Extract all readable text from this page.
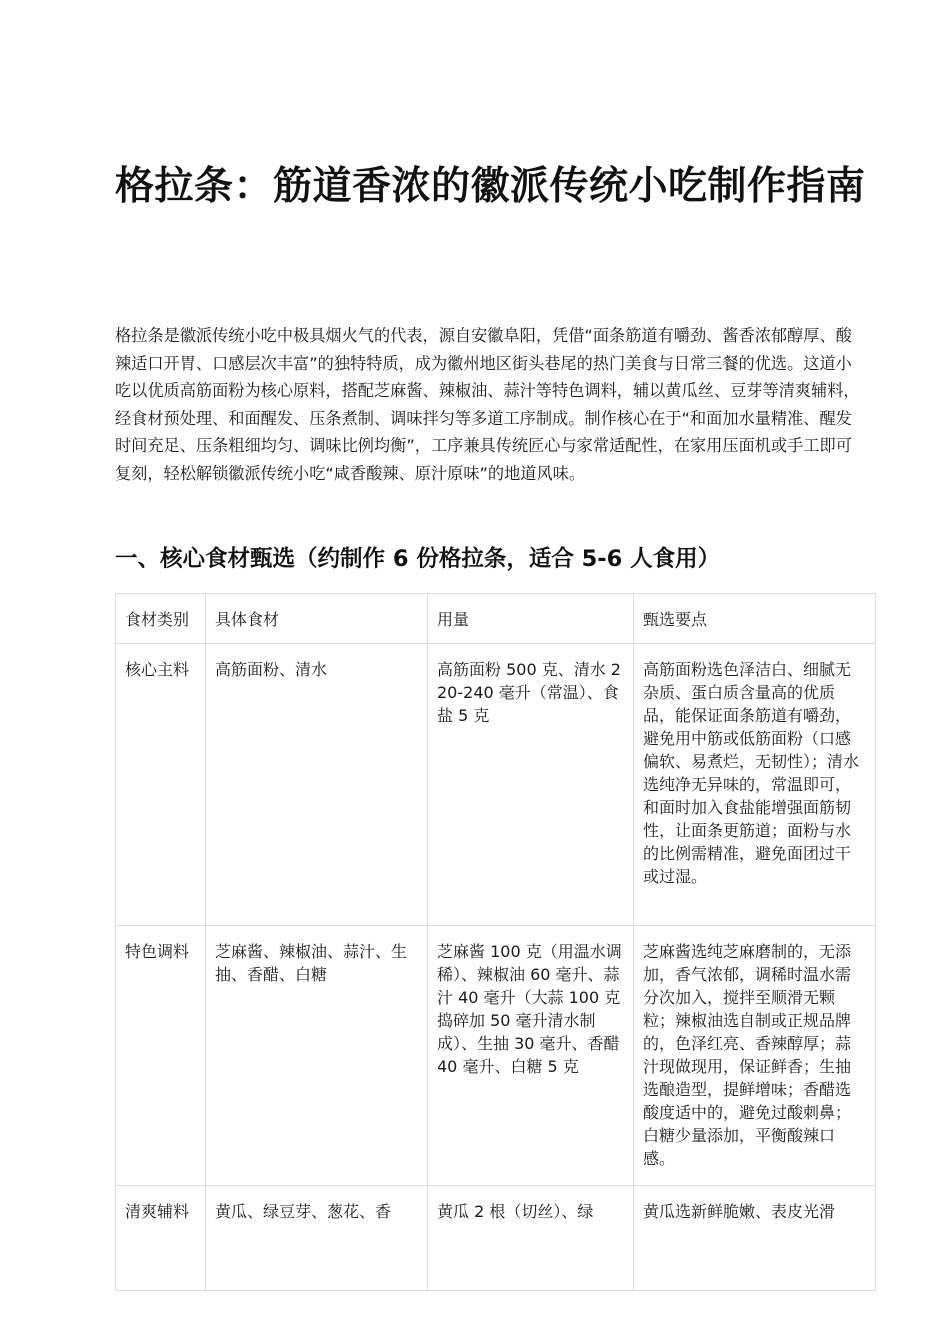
格拉条：筋道香浓的徽派传统小吃制作指南

格拉条是徽派传统小吃中极具烟火气的代表，源自安徽阜阳，凭借“面条筋道有嚼劲、酱香浓郁醇厚、酸辣适口开胃、口感层次丰富”的独特特质，成为徽州地区街头巷尾的热门美食与日常三餐的优选。这道小吃以优质高筋面粉为核心原料，搭配芝麻酱、辣椒油、蒜汁等特色调料，辅以黄瓜丝、豆芽等清爽辅料，经食材预处理、和面醒发、压条煮制、调味拌匀等多道工序制成。制作核心在于“和面加水量精准、醒发时间充足、压条粗细均匀、调味比例均衡”，工序兼具传统匠心与家常适配性，在家用压面机或手工即可复刻，轻松解锁徽派传统小吃“咸香酸辣、原汁原味”的地道风味。

一、核心食材甄选（约制作 6 份格拉条，适合 5-6 人食用）
食材类别	具体食材	用量	甄选要点
核心主料	高筋面粉、清水	高筋面粉 500 克、清水 220-240 毫升（常温）、食盐 5 克	高筋面粉选色泽洁白、细腻无杂质、蛋白质含量高的优质品，能保证面条筋道有嚼劲，避免用中筋或低筋面粉（口感偏软、易煮烂，无韧性）；清水选纯净无异味的，常温即可，和面时加入食盐能增强面筋韧性，让面条更筋道；面粉与水的比例需精准，避免面团过干或过湿。
特色调料	芝麻酱、辣椒油、蒜汁、生抽、香醋、白糖	芝麻酱 100 克（用温水调稀）、辣椒油 60 毫升、蒜汁 40 毫升（大蒜 100 克捣碎加 50 毫升清水制成）、生抽 30 毫升、香醋 40 毫升、白糖 5 克	芝麻酱选纯芝麻磨制的，无添加，香气浓郁，调稀时温水需分次加入，搅拌至顺滑无颗粒；辣椒油选自制或正规品牌的，色泽红亮、香辣醇厚；蒜汁现做现用，保证鲜香；生抽选酿造型，提鲜增味；香醋选酸度适中的，避免过酸刺鼻；白糖少量添加，平衡酸辣口感。
清爽辅料	黄瓜、绿豆芽、葱花、香	黄瓜 2 根（切丝）、绿	黄瓜选新鲜脆嫩、表皮光滑
